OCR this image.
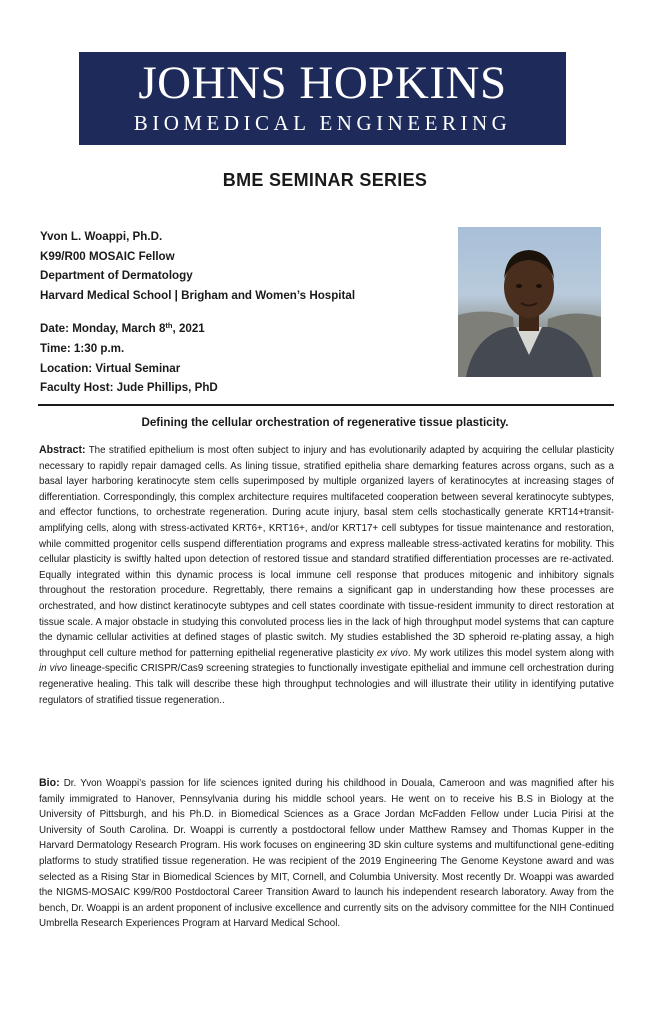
JOHNS HOPKINS
BIOMEDICAL ENGINEERING
BME SEMINAR SERIES
Yvon L. Woappi, Ph.D.
K99/R00 MOSAIC Fellow
Department of Dermatology
Harvard Medical School | Brigham and Women’s Hospital
Date: Monday, March 8th, 2021
Time: 1:30 p.m.
Location: Virtual Seminar
Faculty Host: Jude Phillips, PhD
Defining the cellular orchestration of regenerative tissue plasticity.
Abstract: The stratified epithelium is most often subject to injury and has evolutionarily adapted by acquiring the cellular plasticity necessary to rapidly repair damaged cells. As lining tissue, stratified epithelia share demarking features across organs, such as a basal layer harboring keratinocyte stem cells superimposed by multiple organized layers of keratinocytes at increasing stages of differentiation. Correspondingly, this complex architecture requires multifaceted cooperation between several keratinocyte subtypes, and effector functions, to orchestrate regeneration. During acute injury, basal stem cells stochastically generate KRT14+transit-amplifying cells, along with stress-activated KRT6+, KRT16+, and/or KRT17+ cell subtypes for tissue maintenance and restoration, while committed progenitor cells suspend differentiation programs and express malleable stress-activated keratins for mobility. This cellular plasticity is swiftly halted upon detection of restored tissue and standard stratified differentiation processes are re-activated. Equally integrated within this dynamic process is local immune cell response that produces mitogenic and inhibitory signals throughout the restoration procedure. Regrettably, there remains a significant gap in understanding how these processes are orchestrated, and how distinct keratinocyte subtypes and cell states coordinate with tissue-resident immunity to direct restoration at tissue scale. A major obstacle in studying this convoluted process lies in the lack of high throughput model systems that can capture the dynamic cellular activities at defined stages of plastic switch. My studies established the 3D spheroid re-plating assay, a high throughput cell culture method for patterning epithelial regenerative plasticity ex vivo. My work utilizes this model system along with in vivo lineage-specific CRISPR/Cas9 screening strategies to functionally investigate epithelial and immune cell orchestration during regenerative healing. This talk will describe these high throughput technologies and will illustrate their utility in identifying putative regulators of stratified tissue regeneration..
Bio: Dr. Yvon Woappi’s passion for life sciences ignited during his childhood in Douala, Cameroon and was magnified after his family immigrated to Hanover, Pennsylvania during his middle school years. He went on to receive his B.S in Biology at the University of Pittsburgh, and his Ph.D. in Biomedical Sciences as a Grace Jordan McFadden Fellow under Lucia Pirisi at the University of South Carolina. Dr. Woappi is currently a postdoctoral fellow under Matthew Ramsey and Thomas Kupper in the Harvard Dermatology Research Program. His work focuses on engineering 3D skin culture systems and multifunctional gene-editing platforms to study stratified tissue regeneration. He was recipient of the 2019 Engineering The Genome Keystone award and was selected as a Rising Star in Biomedical Sciences by MIT, Cornell, and Columbia University. Most recently Dr. Woappi was awarded the NIGMS-MOSAIC K99/R00 Postdoctoral Career Transition Award to launch his independent research laboratory. Away from the bench, Dr. Woappi is an ardent proponent of inclusive excellence and currently sits on the advisory committee for the NIH Continued Umbrella Research Experiences Program at Harvard Medical School.
